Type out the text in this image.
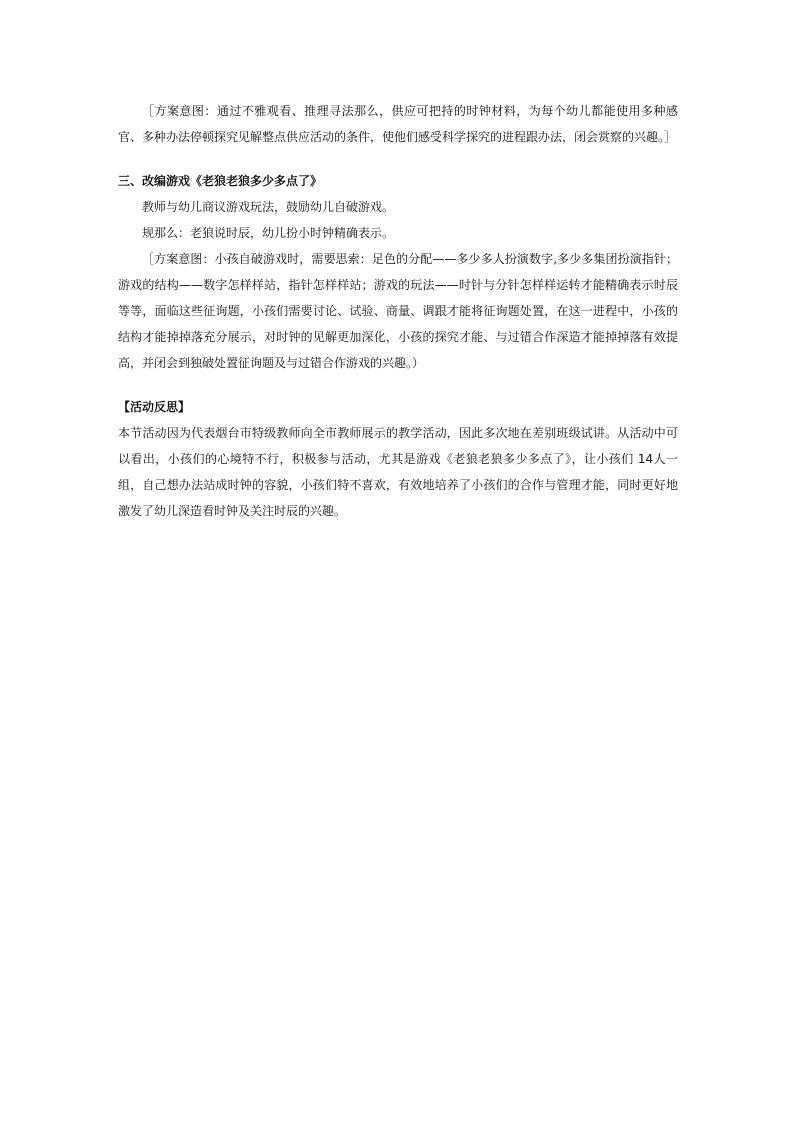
［方案意图：通过不雅观看、推理寻法那么，供应可把持的时钟材料，为每个幼儿都能使用多种感官、多种办法停顿探究见解整点供应活动的条件，使他们感受科学探究的进程跟办法，闭会赏察的兴趣。］

三、改编游戏《老狼老狼多少多点了》

教师与幼儿商议游戏玩法，鼓励幼儿自破游戏。

规那么：老狼说时辰，幼儿扮小时钟精确表示。

［方案意图：小孩自破游戏时，需要思索：足色的分配——多少多人扮演数字,多少多集团扮演指针；游戏的结构——数字怎样样站，指针怎样样站；游戏的玩法——时针与分针怎样样运转才能精确表示时辰等等，面临这些征询题，小孩们需要讨论、试验、商量、调跟才能将征询题处置，在这一进程中，小孩的结构才能掉掉落充分展示，对时钟的见解更加深化，小孩的探究才能、与过错合作深造才能掉掉落有效提高，并闭会到独破处置征询题及与过错合作游戏的兴趣。）

【活动反思】

本节活动因为代表烟台市特级教师向全市教师展示的教学活动，因此多次地在差别班级试讲。从活动中可以看出，小孩们的心境特不行，积极参与活动，尤其是游戏《老狼老狼多少多点了》，让小孩们 14人一组，自己想办法站成时钟的容貌，小孩们特不喜欢，有效地培养了小孩们的合作与管理才能，同时更好地激发了幼儿深造看时钟及关注时辰的兴趣。
